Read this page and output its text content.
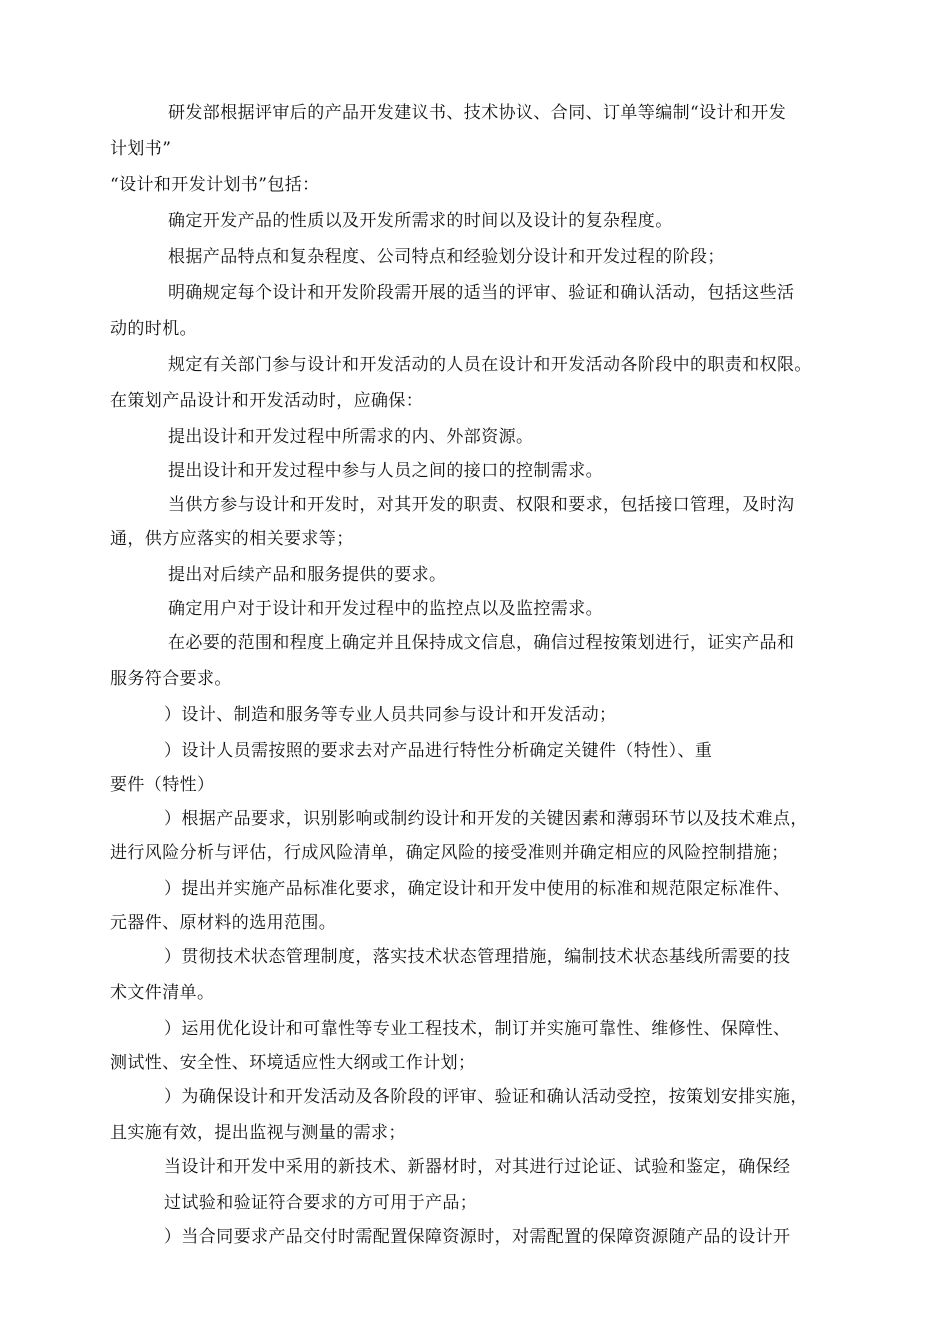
研发部根据评审后的产品开发建议书、技术协议、合同、订单等编制“设计和开发
计划书”
“设计和开发计划书”包括：
确定开发产品的性质以及开发所需求的时间以及设计的复杂程度。
根据产品特点和复杂程度、公司特点和经验划分设计和开发过程的阶段；
明确规定每个设计和开发阶段需开展的适当的评审、验证和确认活动，包括这些活
动的时机。
规定有关部门参与设计和开发活动的人员在设计和开发活动各阶段中的职责和权限。
在策划产品设计和开发活动时，应确保：
提出设计和开发过程中所需求的内、外部资源。
提出设计和开发过程中参与人员之间的接口的控制需求。
当供方参与设计和开发时，对其开发的职责、权限和要求，包括接口管理，及时沟
通，供方应落实的相关要求等；
提出对后续产品和服务提供的要求。
确定用户对于设计和开发过程中的监控点以及监控需求。
在必要的范围和程度上确定并且保持成文信息，确信过程按策划进行，证实产品和
服务符合要求。
）设计、制造和服务等专业人员共同参与设计和开发活动；
）设计人员需按照的要求去对产品进行特性分析确定关键件（特性）、重
要件（特性）
）根据产品要求，识别影响或制约设计和开发的关键因素和薄弱环节以及技术难点，
进行风险分析与评估，行成风险清单，确定风险的接受准则并确定相应的风险控制措施；
）提出并实施产品标准化要求，确定设计和开发中使用的标准和规范限定标准件、
元器件、原材料的选用范围。
）贯彻技术状态管理制度，落实技术状态管理措施，编制技术状态基线所需要的技
术文件清单。
）运用优化设计和可靠性等专业工程技术，制订并实施可靠性、维修性、保障性、
测试性、安全性、环境适应性大纲或工作计划；
）为确保设计和开发活动及各阶段的评审、验证和确认活动受控，按策划安排实施，
且实施有效，提出监视与测量的需求；
当设计和开发中采用的新技术、新器材时，对其进行过论证、试验和鉴定，确保经
过试验和验证符合要求的方可用于产品；
）当合同要求产品交付时需配置保障资源时，对需配置的保障资源随产品的设计开
